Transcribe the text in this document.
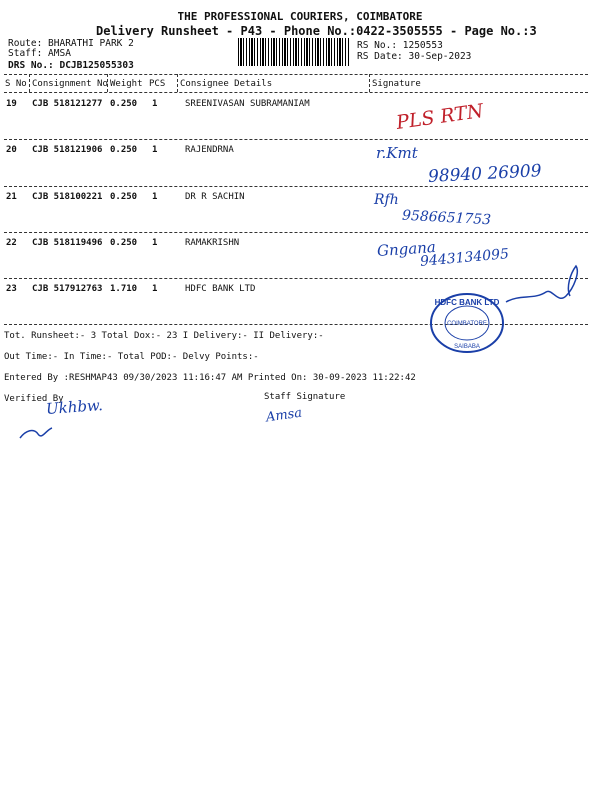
THE PROFESSIONAL COURIERS, COIMBATORE
Delivery Runsheet - P43 - Phone No.:0422-3505555 - Page No.:3
Route: BHARATHI PARK 2
Staff: AMSA
DRS No.: DCJB125055303
RS No.: 1250553
RS Date: 30-Sep-2023
S No Consignment No Weight PCS Consignee Details	Signature
19 CJB 518121277 0.250 1	SREENIVASAN SUBRAMANIAM	PLS RTN
20 CJB 518121906 0.250 1	RAJENDRNA	r.Kmt
98940 26909
21 CJB 518100221 0.250 1	DR R SACHIN	Rfh
9586651753
22 CJB 518119496 0.250 1	RAMAKRISHN	Gngana
9443134095
23 CJB 517912763 1.710 1	HDFC BANK LTD
HDFC BANK LTD
COIMBATORE
SAIBABA
Tot. Runsheet:- 3 Total Dox:- 23 I Delivery:- II Delivery:-
Out Time:- In Time:- Total POD:- Delvy Points:-
Entered By :RESHMAP43 09/30/2023 11:16:47 AM Printed On: 30-09-2023 11:22:42
Verified By	Staff Signature
Ukhbw.	Amsa
